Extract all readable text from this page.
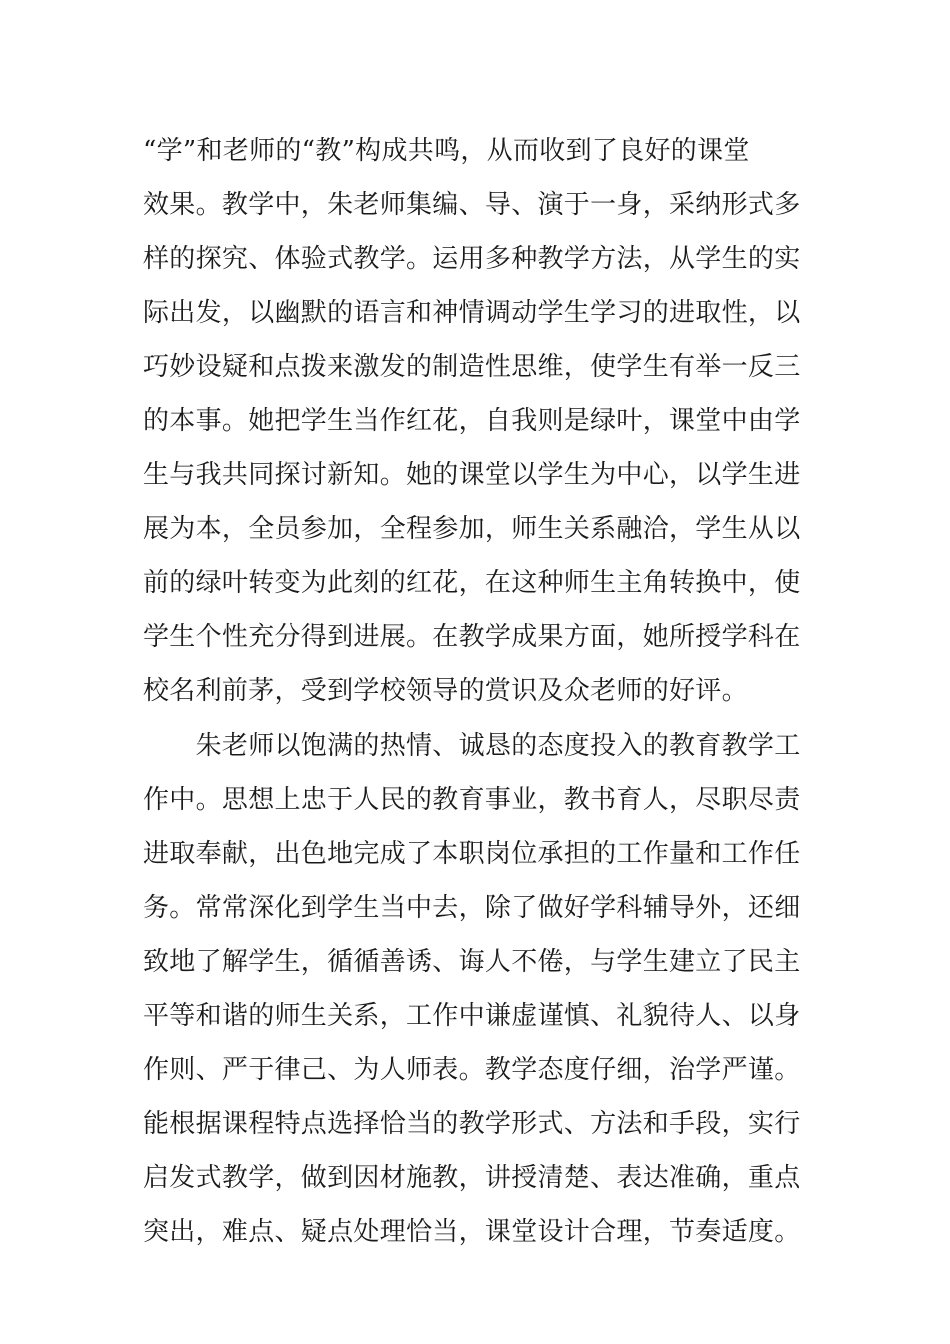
“学”和老师的“教”构成共鸣，从而收到了良好的课堂
效果。教学中，朱老师集编、导、演于一身，采纳形式多
样的探究、体验式教学。运用多种教学方法，从学生的实
际出发，以幽默的语言和神情调动学生学习的进取性，以
巧妙设疑和点拨来激发的制造性思维，使学生有举一反三
的本事。她把学生当作红花，自我则是绿叶，课堂中由学
生与我共同探讨新知。她的课堂以学生为中心，以学生进
展为本，全员参加，全程参加，师生关系融洽，学生从以
前的绿叶转变为此刻的红花，在这种师生主角转换中，使
学生个性充分得到进展。在教学成果方面，她所授学科在
校名利前茅，受到学校领导的赏识及众老师的好评。
　　朱老师以饱满的热情、诚恳的态度投入的教育教学工
作中。思想上忠于人民的教育事业，教书育人，尽职尽责
进取奉献，出色地完成了本职岗位承担的工作量和工作任
务。常常深化到学生当中去，除了做好学科辅导外，还细
致地了解学生，循循善诱、诲人不倦，与学生建立了民主
平等和谐的师生关系，工作中谦虚谨慎、礼貌待人、以身
作则、严于律己、为人师表。教学态度仔细，治学严谨。
能根据课程特点选择恰当的教学形式、方法和手段，实行
启发式教学，做到因材施教，讲授清楚、表达准确，重点
突出，难点、疑点处理恰当，课堂设计合理，节奏适度。
